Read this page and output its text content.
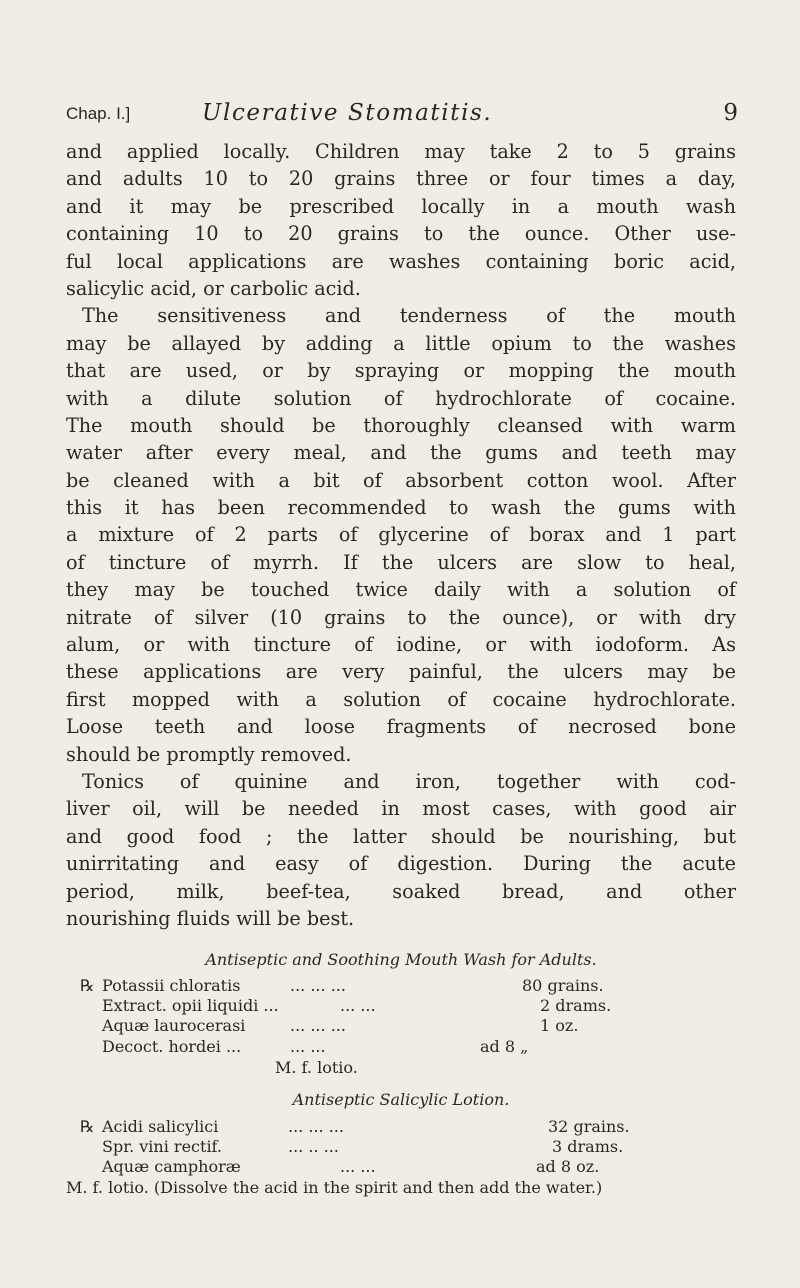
Chap. I.]	Ulcerative Stomatitis.	9
and applied locally. Children may take 2 to 5 grains
and adults 10 to 20 grains three or four times a day,
and it may be prescribed locally in a mouth wash
containing 10 to 20 grains to the ounce. Other use-
ful local applications are washes containing boric acid,
salicylic acid, or carbolic acid.
The sensitiveness and tenderness of the mouth
may be allayed by adding a little opium to the washes
that are used, or by spraying or mopping the mouth
with a dilute solution of hydrochlorate of cocaine.
The mouth should be thoroughly cleansed with warm
water after every meal, and the gums and teeth may
be cleaned with a bit of absorbent cotton wool. After
this it has been recommended to wash the gums with
a mixture of 2 parts of glycerine of borax and 1 part
of tincture of myrrh. If the ulcers are slow to heal,
they may be touched twice daily with a solution of
nitrate of silver (10 grains to the ounce), or with dry
alum, or with tincture of iodine, or with iodoform. As
these applications are very painful, the ulcers may be
first mopped with a solution of cocaine hydrochlorate.
Loose teeth and loose fragments of necrosed bone
should be promptly removed.
Tonics of quinine and iron, together with cod-
liver oil, will be needed in most cases, with good air
and good food ; the latter should be nourishing, but
unirritating and easy of digestion. During the acute
period, milk, beef-tea, soaked bread, and other
nourishing fluids will be best.
Antiseptic and Soothing Mouth Wash for Adults.
℞ Potassii chloratis	... ... ...	80 grains.
Extract. opii liquidi ...	... ...	2 drams.
Aquæ laurocerasi	... ... ...	1 oz.
Decoct. hordei ...	... ...	ad 8 „
M. f. lotio.
Antiseptic Salicylic Lotion.
℞ Acidi salicylici	... ... ...	32 grains.
Spr. vini rectif.	... .. ...	3 drams.
Aquæ camphoræ	... ...	ad 8 oz.
M. f. lotio. (Dissolve the acid in the spirit and then add the water.)
